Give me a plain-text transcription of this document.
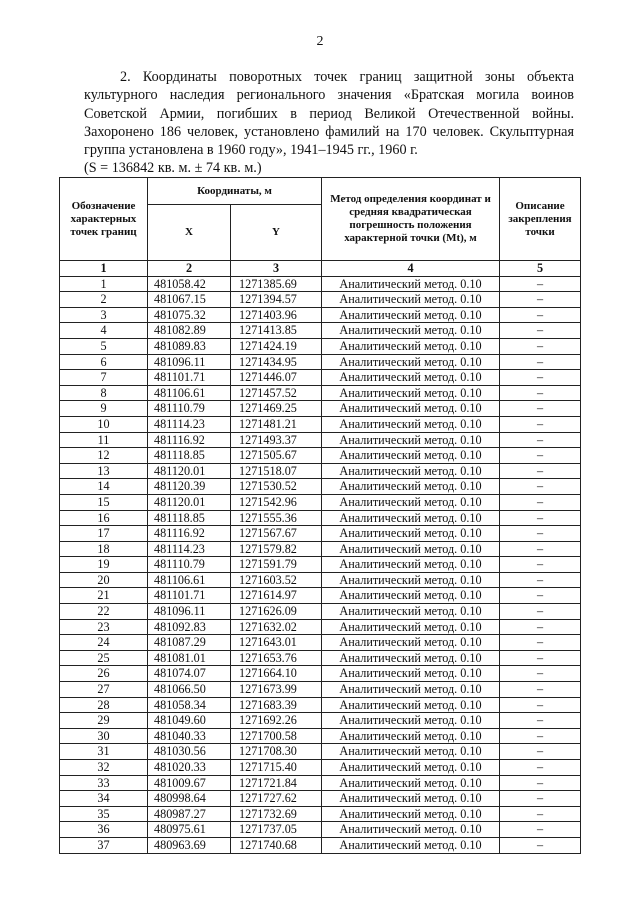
2

2. Координаты поворотных точек границ защитной зоны объекта культурного наследия регионального значения «Братская могила воинов Советской Армии, погибших в период Великой Отечественной войны. Захоронено 186 человек, установлено фамилий на 170 человек. Скульптурная группа установлена в 1960 году», 1941–1945 гг., 1960 г.

(S = 136842 кв. м. ± 74 кв. м.)
Обозначение характерных точек границ	Координаты, м		Метод определения координат и средняя квадратическая погрешность положения характерной точки (Mt), м	Описание закрепления точки
	X	Y		
1	2	3	4	5
1	481058.42	1271385.69	Аналитический метод. 0.10	–
2	481067.15	1271394.57	Аналитический метод. 0.10	–
3	481075.32	1271403.96	Аналитический метод. 0.10	–
4	481082.89	1271413.85	Аналитический метод. 0.10	–
5	481089.83	1271424.19	Аналитический метод. 0.10	–
6	481096.11	1271434.95	Аналитический метод. 0.10	–
7	481101.71	1271446.07	Аналитический метод. 0.10	–
8	481106.61	1271457.52	Аналитический метод. 0.10	–
9	481110.79	1271469.25	Аналитический метод. 0.10	–
10	481114.23	1271481.21	Аналитический метод. 0.10	–
11	481116.92	1271493.37	Аналитический метод. 0.10	–
12	481118.85	1271505.67	Аналитический метод. 0.10	–
13	481120.01	1271518.07	Аналитический метод. 0.10	–
14	481120.39	1271530.52	Аналитический метод. 0.10	–
15	481120.01	1271542.96	Аналитический метод. 0.10	–
16	481118.85	1271555.36	Аналитический метод. 0.10	–
17	481116.92	1271567.67	Аналитический метод. 0.10	–
18	481114.23	1271579.82	Аналитический метод. 0.10	–
19	481110.79	1271591.79	Аналитический метод. 0.10	–
20	481106.61	1271603.52	Аналитический метод. 0.10	–
21	481101.71	1271614.97	Аналитический метод. 0.10	–
22	481096.11	1271626.09	Аналитический метод. 0.10	–
23	481092.83	1271632.02	Аналитический метод. 0.10	–
24	481087.29	1271643.01	Аналитический метод. 0.10	–
25	481081.01	1271653.76	Аналитический метод. 0.10	–
26	481074.07	1271664.10	Аналитический метод. 0.10	–
27	481066.50	1271673.99	Аналитический метод. 0.10	–
28	481058.34	1271683.39	Аналитический метод. 0.10	–
29	481049.60	1271692.26	Аналитический метод. 0.10	–
30	481040.33	1271700.58	Аналитический метод. 0.10	–
31	481030.56	1271708.30	Аналитический метод. 0.10	–
32	481020.33	1271715.40	Аналитический метод. 0.10	–
33	481009.67	1271721.84	Аналитический метод. 0.10	–
34	480998.64	1271727.62	Аналитический метод. 0.10	–
35	480987.27	1271732.69	Аналитический метод. 0.10	–
36	480975.61	1271737.05	Аналитический метод. 0.10	–
37	480963.69	1271740.68	Аналитический метод. 0.10	–
